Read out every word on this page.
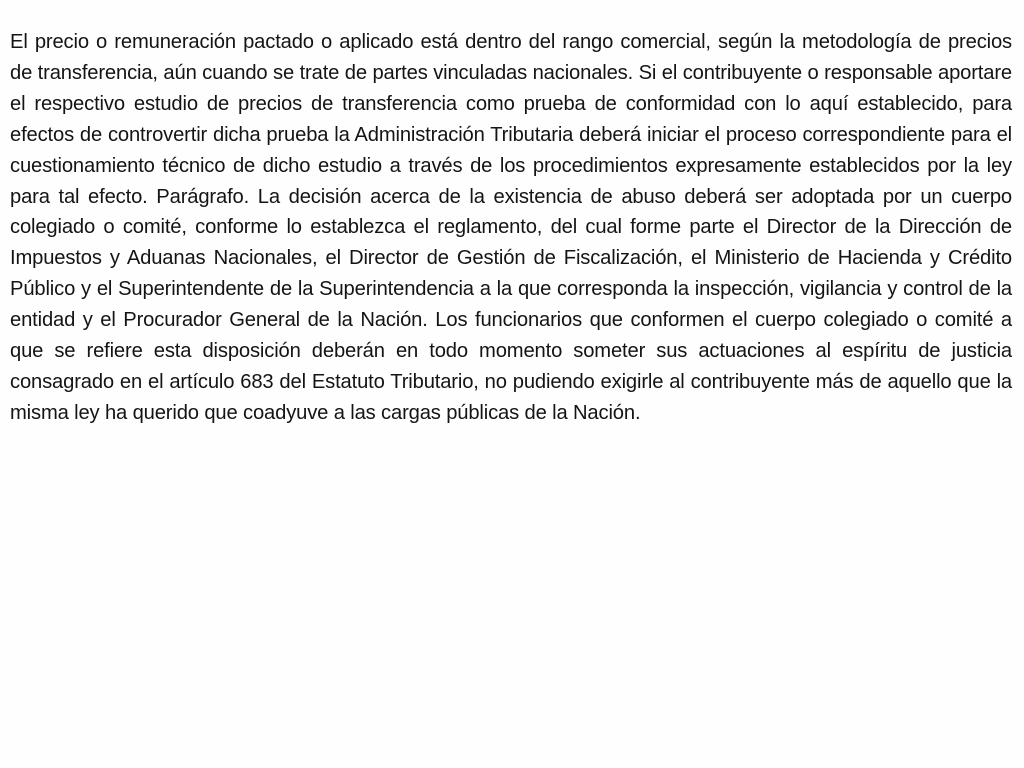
El precio o remuneración pactado o aplicado está dentro del rango comercial, según la metodología de precios de transferencia, aún cuando se trate de partes vinculadas nacionales. Si el contribuyente o responsable aportare el respectivo estudio de precios de transferencia como prueba de conformidad con lo aquí establecido, para efectos de controvertir dicha prueba la Administración Tributaria deberá iniciar el proceso correspondiente para el cuestionamiento técnico de dicho estudio a través de los procedimientos expresamente establecidos por la ley para tal efecto. Parágrafo. La decisión acerca de la existencia de abuso deberá ser adoptada por un cuerpo colegiado o comité, conforme lo establezca el reglamento, del cual forme parte el Director de la Dirección de Impuestos y Aduanas Nacionales, el Director de Gestión de Fiscalización, el Ministerio de Hacienda y Crédito Público y el Superintendente de la Superintendencia a la que corresponda la inspección, vigilancia y control de la entidad y el Procurador General de la Nación. Los funcionarios que conformen el cuerpo colegiado o comité a que se refiere esta disposición deberán en todo momento someter sus actuaciones al espíritu de justicia consagrado en el artículo 683 del Estatuto Tributario, no pudiendo exigirle al contribuyente más de aquello que la misma ley ha querido que coadyuve a las cargas públicas de la Nación.
